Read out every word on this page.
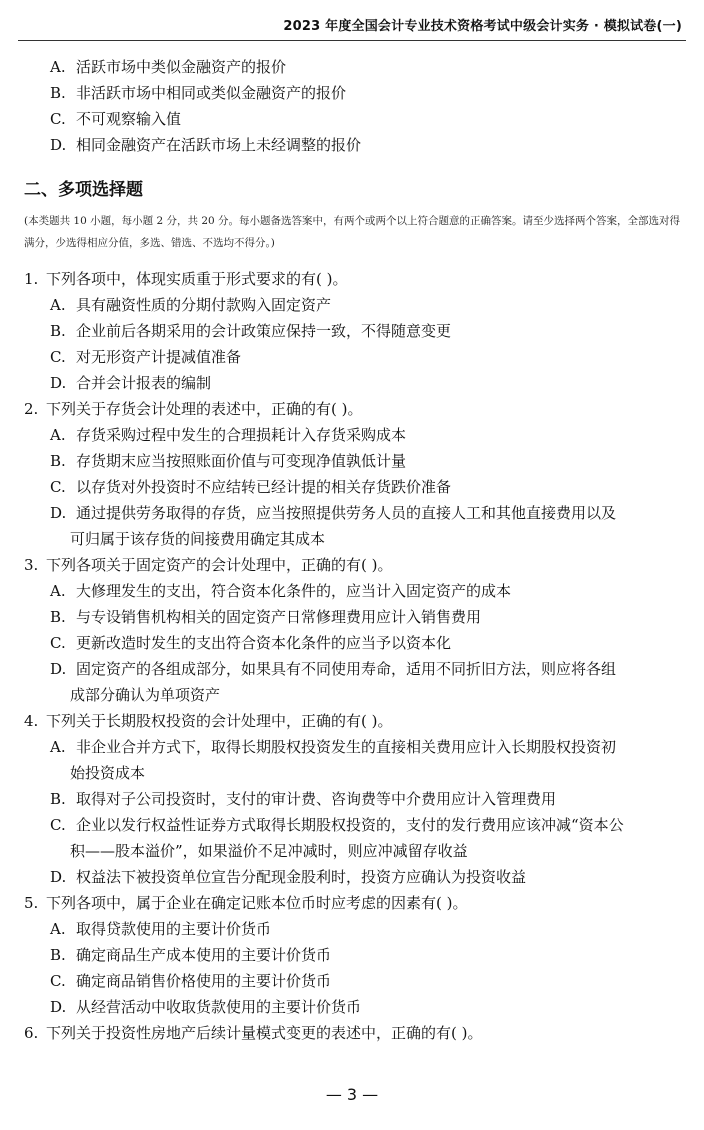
2023 年度全国会计专业技术资格考试中级会计实务 · 模拟试卷(一)
A. 活跃市场中类似金融资产的报价
B. 非活跃市场中相同或类似金融资产的报价
C. 不可观察输入值
D. 相同金融资产在活跃市场上未经调整的报价
二、多项选择题
(本类题共 10 小题，每小题 2 分，共 20 分。每小题备选答案中，有两个或两个以上符合题意的正确答案。请至少选择两个答案，全部选对得满分，少选得相应分值，多选、错选、不选均不得分。)
1. 下列各项中，体现实质重于形式要求的有( )。
A. 具有融资性质的分期付款购入固定资产
B. 企业前后各期采用的会计政策应保持一致，不得随意变更
C. 对无形资产计提减值准备
D. 合并会计报表的编制
2. 下列关于存货会计处理的表述中，正确的有( )。
A. 存货采购过程中发生的合理损耗计入存货采购成本
B. 存货期末应当按照账面价值与可变现净值孰低计量
C. 以存货对外投资时不应结转已经计提的相关存货跌价准备
D. 通过提供劳务取得的存货，应当按照提供劳务人员的直接人工和其他直接费用以及
可归属于该存货的间接费用确定其成本
3. 下列各项关于固定资产的会计处理中，正确的有( )。
A. 大修理发生的支出，符合资本化条件的，应当计入固定资产的成本
B. 与专设销售机构相关的固定资产日常修理费用应计入销售费用
C. 更新改造时发生的支出符合资本化条件的应当予以资本化
D. 固定资产的各组成部分，如果具有不同使用寿命，适用不同折旧方法，则应将各组
成部分确认为单项资产
4. 下列关于长期股权投资的会计处理中，正确的有( )。
A. 非企业合并方式下，取得长期股权投资发生的直接相关费用应计入长期股权投资初
始投资成本
B. 取得对子公司投资时，支付的审计费、咨询费等中介费用应计入管理费用
C. 企业以发行权益性证券方式取得长期股权投资的，支付的发行费用应该冲减“资本公
积——股本溢价”，如果溢价不足冲减时，则应冲减留存收益
D. 权益法下被投资单位宣告分配现金股利时，投资方应确认为投资收益
5. 下列各项中，属于企业在确定记账本位币时应考虑的因素有( )。
A. 取得贷款使用的主要计价货币
B. 确定商品生产成本使用的主要计价货币
C. 确定商品销售价格使用的主要计价货币
D. 从经营活动中收取货款使用的主要计价货币
6. 下列关于投资性房地产后续计量模式变更的表述中，正确的有( )。
— 3 —
